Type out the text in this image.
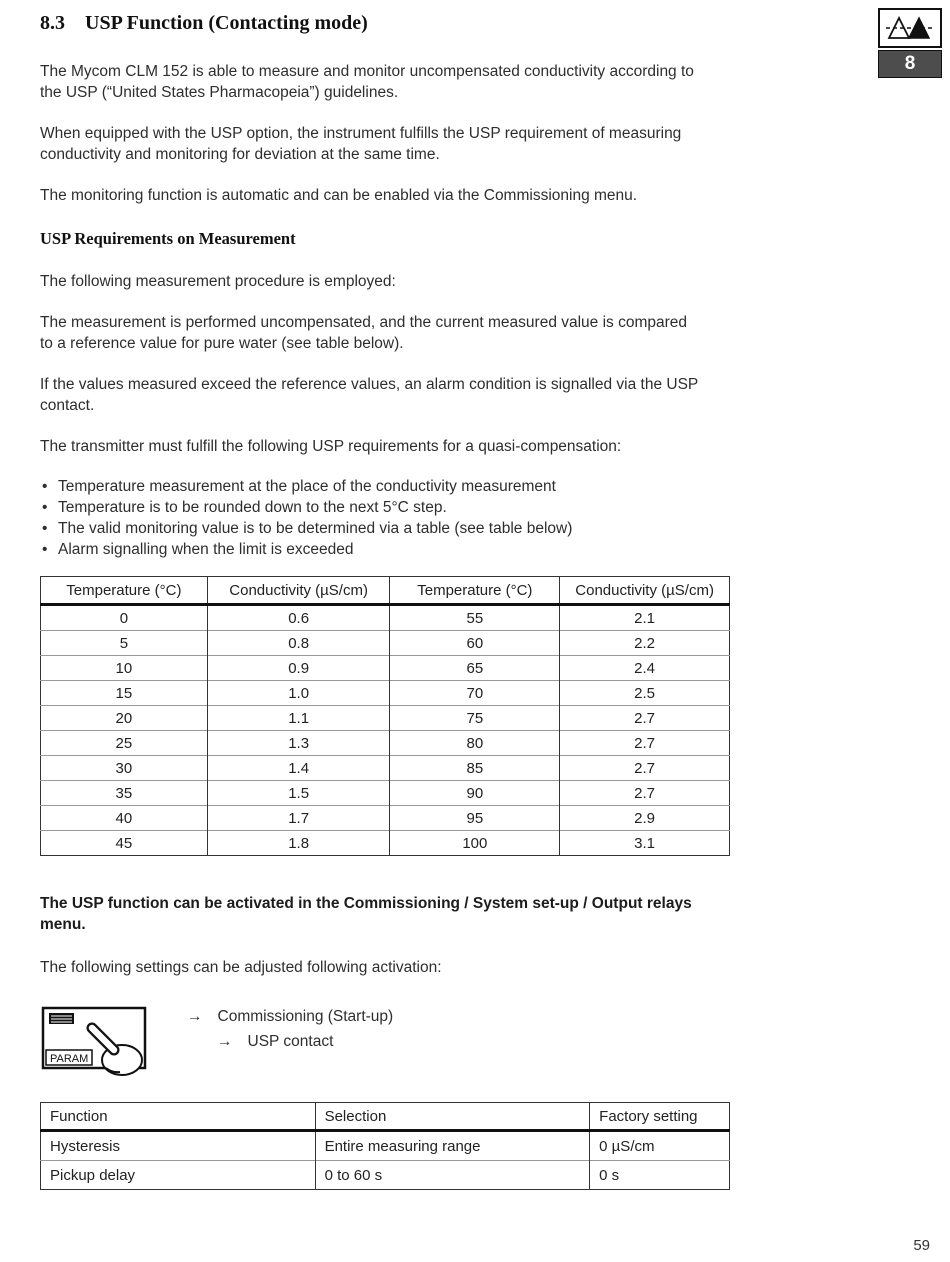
8
8.3 USP Function (Contacting mode)

The Mycom CLM 152 is able to measure and monitor uncompensated conductivity according to the USP (“United States Pharmacopeia”) guidelines.

When equipped with the USP option, the instrument fulfills the USP requirement of measuring conductivity and monitoring for deviation at the same time.

The monitoring function is automatic and can be enabled via the Commissioning menu.

USP Requirements on Measurement

The following measurement procedure is employed:

The measurement is performed uncompensated, and the current measured value is compared to a reference value for pure water (see table below).

If the values measured exceed the reference values, an alarm condition is signalled via the USP contact.

The transmitter must fulfill the following USP requirements for a quasi-compensation:

• Temperature measurement at the place of the conductivity measurement
• Temperature is to be rounded down to the next 5°C step.
• The valid monitoring value is to be determined via a table (see table below)
• Alarm signalling when the limit is exceeded
Temperature (°C)	Conductivity (µS/cm)	Temperature (°C)	Conductivity (µS/cm)
0	0.6	55	2.1
5	0.8	60	2.2
10	0.9	65	2.4
15	1.0	70	2.5
20	1.1	75	2.7
25	1.3	80	2.7
30	1.4	85	2.7
35	1.5	90	2.7
40	1.7	95	2.9
45	1.8	100	3.1

The USP function can be activated in the Commissioning / System set-up / Output relays menu.

The following settings can be adjusted following activation:

PARAM
→ Commissioning (Start-up)
→ USP contact
Function	Selection	Factory setting
Hysteresis	Entire measuring range	0 µS/cm
Pickup delay	0 to 60 s	0 s
59
